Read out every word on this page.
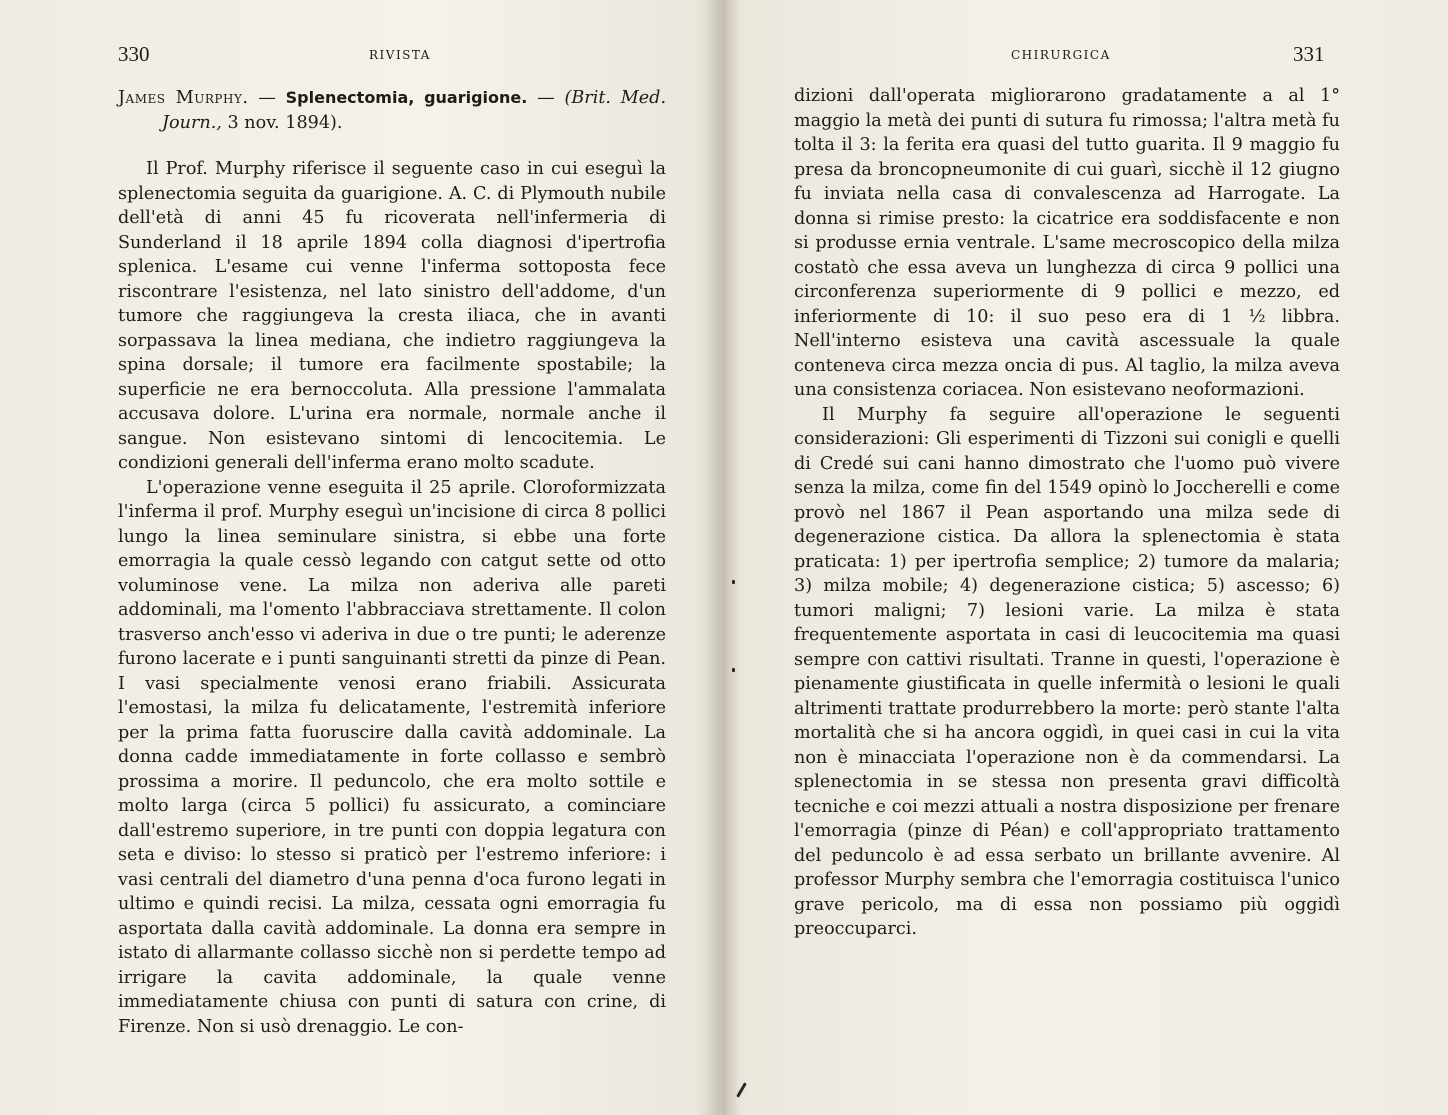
330	RIVISTA

James Murphy. — Splenectomia, guarigione. — (Brit. Med. Journ., 3 nov. 1894).

Il Prof. Murphy riferisce il seguente caso in cui eseguì la splenectomia seguita da guarigione. A. C. di Plymouth nubile dell'età di anni 45 fu ricoverata nell'infermeria di Sunderland il 18 aprile 1894 colla diagnosi d'ipertrofia splenica. L'esame cui venne l'inferma sottoposta fece riscontrare l'esistenza, nel lato sinistro dell'addome, d'un tumore che raggiungeva la cresta iliaca, che in avanti sorpassava la linea mediana, che indietro raggiungeva la spina dorsale; il tumore era facilmente spostabile; la superficie ne era bernoccoluta. Alla pressione l'ammalata accusava dolore. L'urina era normale, normale anche il sangue. Non esistevano sintomi di lencocitemia. Le condizioni generali dell'inferma erano molto scadute.

L'operazione venne eseguita il 25 aprile. Cloroformizzata l'inferma il prof. Murphy eseguì un'incisione di circa 8 pollici lungo la linea seminulare sinistra, si ebbe una forte emorragia la quale cessò legando con catgut sette od otto voluminose vene. La milza non aderiva alle pareti addominali, ma l'omento l'abbracciava strettamente. Il colon trasverso anch'esso vi aderiva in due o tre punti; le aderenze furono lacerate e i punti sanguinanti stretti da pinze di Pean. I vasi specialmente venosi erano friabili. Assicurata l'emostasi, la milza fu delicatamente, l'estremità inferiore per la prima fatta fuoruscire dalla cavità addominale. La donna cadde immediatamente in forte collasso e sembrò prossima a morire. Il peduncolo, che era molto sottile e molto larga (circa 5 pollici) fu assicurato, a cominciare dall'estremo superiore, in tre punti con doppia legatura con seta e diviso: lo stesso si praticò per l'estremo inferiore: i vasi centrali del diametro d'una penna d'oca furono legati in ultimo e quindi recisi. La milza, cessata ogni emorragia fu asportata dalla cavità addominale. La donna era sempre in istato di allarmante collasso sicchè non si perdette tempo ad irrigare la cavita addominale, la quale venne immediatamente chiusa con punti di satura con crine, di Firenze. Non si usò drenaggio. Le con-

CHIRURGICA	331

dizioni dall'operata migliorarono gradatamente a al 1° maggio la metà dei punti di sutura fu rimossa; l'altra metà fu tolta il 3: la ferita era quasi del tutto guarita. Il 9 maggio fu presa da broncopneumonite di cui guarì, sicchè il 12 giugno fu inviata nella casa di convalescenza ad Harrogate. La donna si rimise presto: la cicatrice era soddisfacente e non si produsse ernia ventrale. L'same mecroscopico della milza costatò che essa aveva un lunghezza di circa 9 pollici una circonferenza superiormente di 9 pollici e mezzo, ed inferiormente di 10: il suo peso era di 1 ½ libbra. Nell'interno esisteva una cavità ascessuale la quale conteneva circa mezza oncia di pus. Al taglio, la milza aveva una consistenza coriacea. Non esistevano neoformazioni.

Il Murphy fa seguire all'operazione le seguenti considerazioni: Gli esperimenti di Tizzoni sui conigli e quelli di Credé sui cani hanno dimostrato che l'uomo può vivere senza la milza, come fin del 1549 opinò lo Joccherelli e come provò nel 1867 il Pean asportando una milza sede di degenerazione cistica. Da allora la splenectomia è stata praticata: 1) per ipertrofia semplice; 2) tumore da malaria; 3) milza mobile; 4) degenerazione cistica; 5) ascesso; 6) tumori maligni; 7) lesioni varie. La milza è stata frequentemente asportata in casi di leucocitemia ma quasi sempre con cattivi risultati. Tranne in questi, l'operazione è pienamente giustificata in quelle infermità o lesioni le quali altrimenti trattate produrrebbero la morte: però stante l'alta mortalità che si ha ancora oggidì, in quei casi in cui la vita non è minacciata l'operazione non è da commendarsi. La splenectomia in se stessa non presenta gravi difficoltà tecniche e coi mezzi attuali a nostra disposizione per frenare l'emorragia (pinze di Péan) e coll'appropriato trattamento del peduncolo è ad essa serbato un brillante avvenire. Al professor Murphy sembra che l'emorragia costituisca l'unico grave pericolo, ma di essa non possiamo più oggidì preoccuparci.
